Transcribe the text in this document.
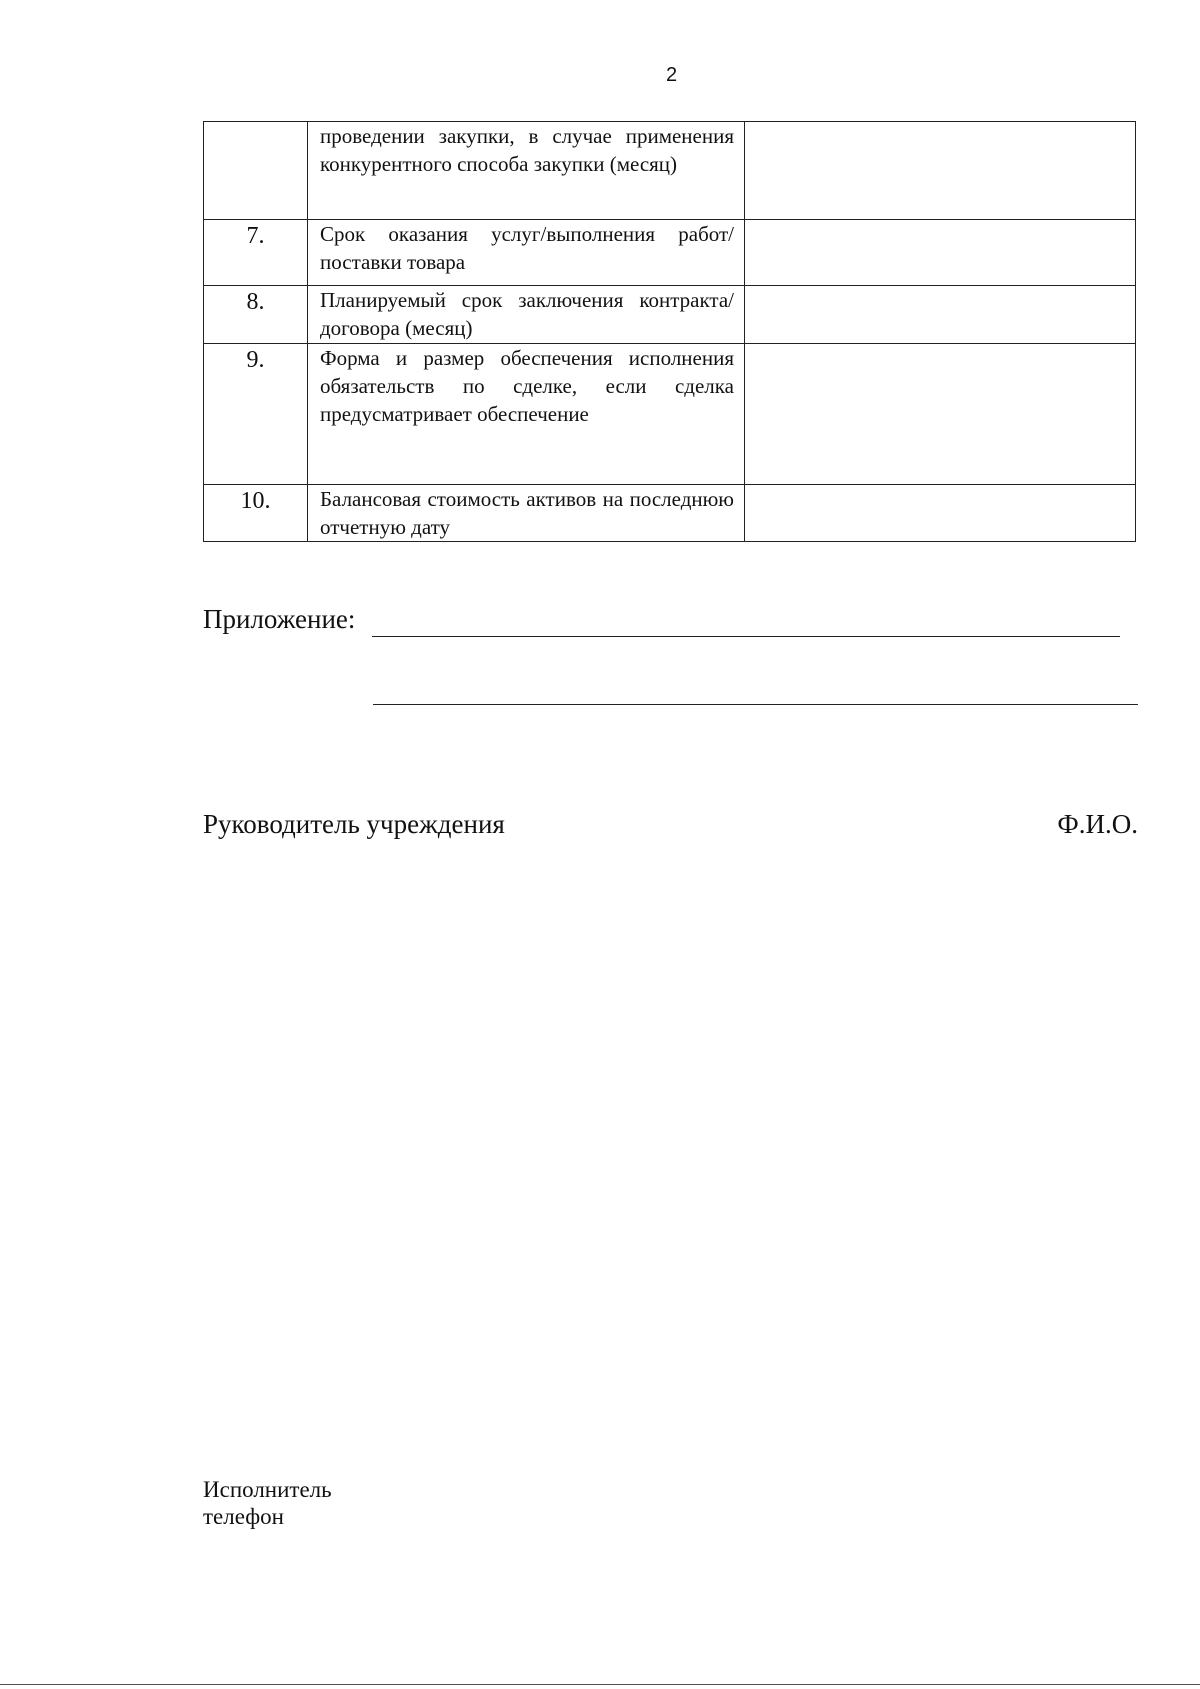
2
	проведении закупки, в случае применения конкурентного способа закупки (месяц)	
7.	Срок оказания услуг/выполнения работ/ поставки товара	
8.	Планируемый срок заключения контракта/договора (месяц)	
9.	Форма и размер обеспечения исполнения обязательств по сделке, если сделка предусматривает обеспечение	
10.	Балансовая стоимость активов на последнюю отчетную дату	
Приложение:
Руководитель учреждения	Ф.И.О.
Исполнитель
телефон
